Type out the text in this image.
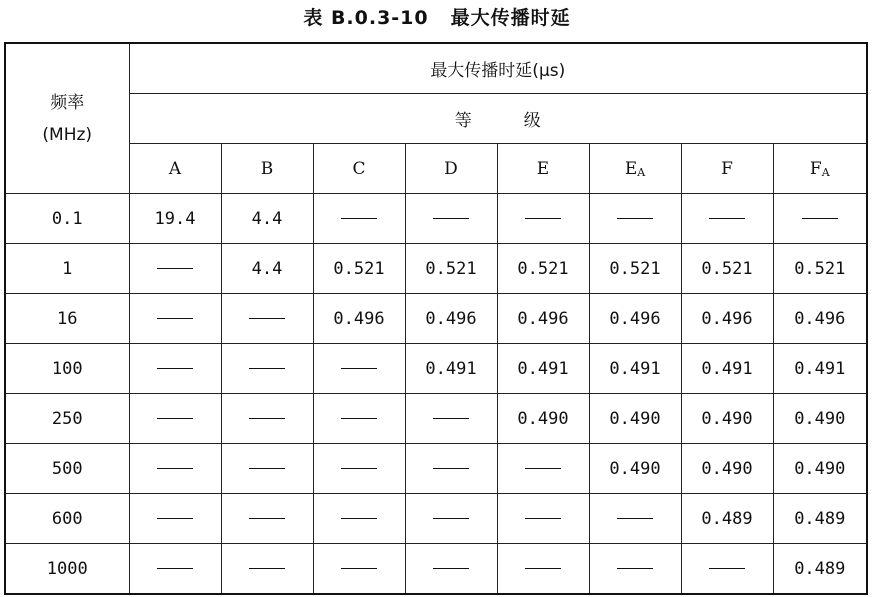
表 B.0.3-10 最大传播时延
频率
(MHz)	最大传播时延(μs)							
	等 级							
	A	B	C	D	E	$E_A$	F	$F_A$
0.1	19.4	4.4						
1		4.4	0.521	0.521	0.521	0.521	0.521	0.521
16			0.496	0.496	0.496	0.496	0.496	0.496
100				0.491	0.491	0.491	0.491	0.491
250					0.490	0.490	0.490	0.490
500						0.490	0.490	0.490
600							0.489	0.489
1000								0.489
